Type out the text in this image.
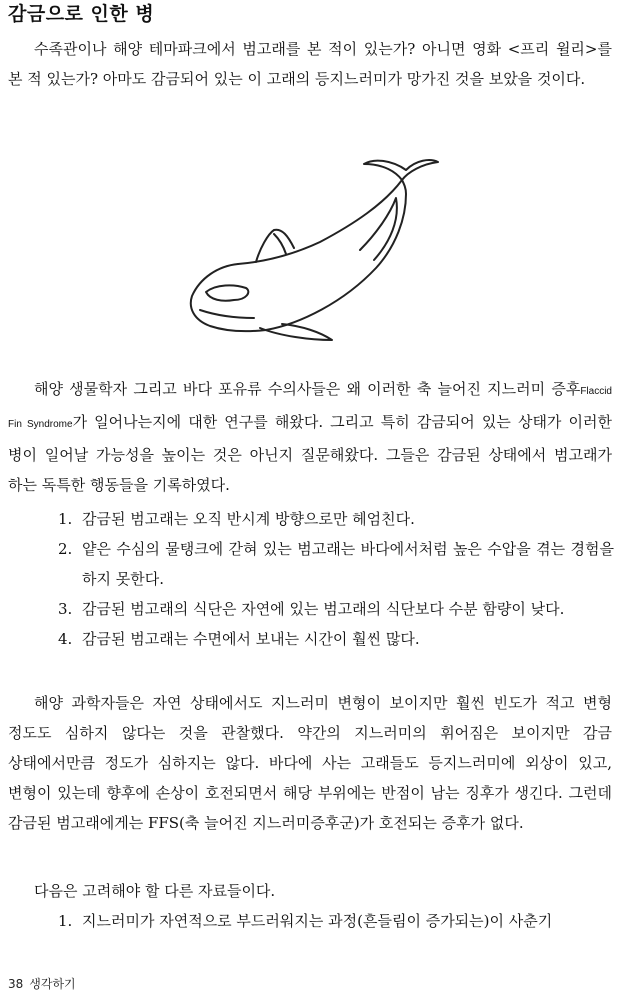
감금으로 인한 병

수족관이나 해양 테마파크에서 범고래를 본 적이 있는가? 아니면 영화 <프리 윌리>를 본 적 있는가? 아마도 감금되어 있는 이 고래의 등지느러미가 망가진 것을 보았을 것이다.

해양 생물학자 그리고 바다 포유류 수의사들은 왜 이러한 축 늘어진 지느러미 증후Flaccid Fin Syndrome가 일어나는지에 대한 연구를 해왔다. 그리고 특히 감금되어 있는 상태가 이러한 병이 일어날 가능성을 높이는 것은 아닌지 질문해왔다. 그들은 감금된 상태에서 범고래가 하는 독특한 행동들을 기록하였다.

1. 감금된 범고래는 오직 반시계 방향으로만 헤엄친다.
2. 얕은 수심의 물탱크에 갇혀 있는 범고래는 바다에서처럼 높은 수압을 겪는 경험을 하지 못한다.
3. 감금된 범고래의 식단은 자연에 있는 범고래의 식단보다 수분 함량이 낮다.
4. 감금된 범고래는 수면에서 보내는 시간이 훨씬 많다.

해양 과학자들은 자연 상태에서도 지느러미 변형이 보이지만 훨씬 빈도가 적고 변형 정도도 심하지 않다는 것을 관찰했다. 약간의 지느러미의 휘어짐은 보이지만 감금 상태에서만큼 정도가 심하지는 않다. 바다에 사는 고래들도 등지느러미에 외상이 있고, 변형이 있는데 향후에 손상이 호전되면서 해당 부위에는 반점이 남는 징후가 생긴다. 그런데 감금된 범고래에게는 FFS(축 늘어진 지느러미증후군)가 호전되는 증후가 없다.

다음은 고려해야 할 다른 자료들이다.

1. 지느러미가 자연적으로 부드러워지는 과정(흔들림이 증가되는)이 사춘기
38 생각하기
